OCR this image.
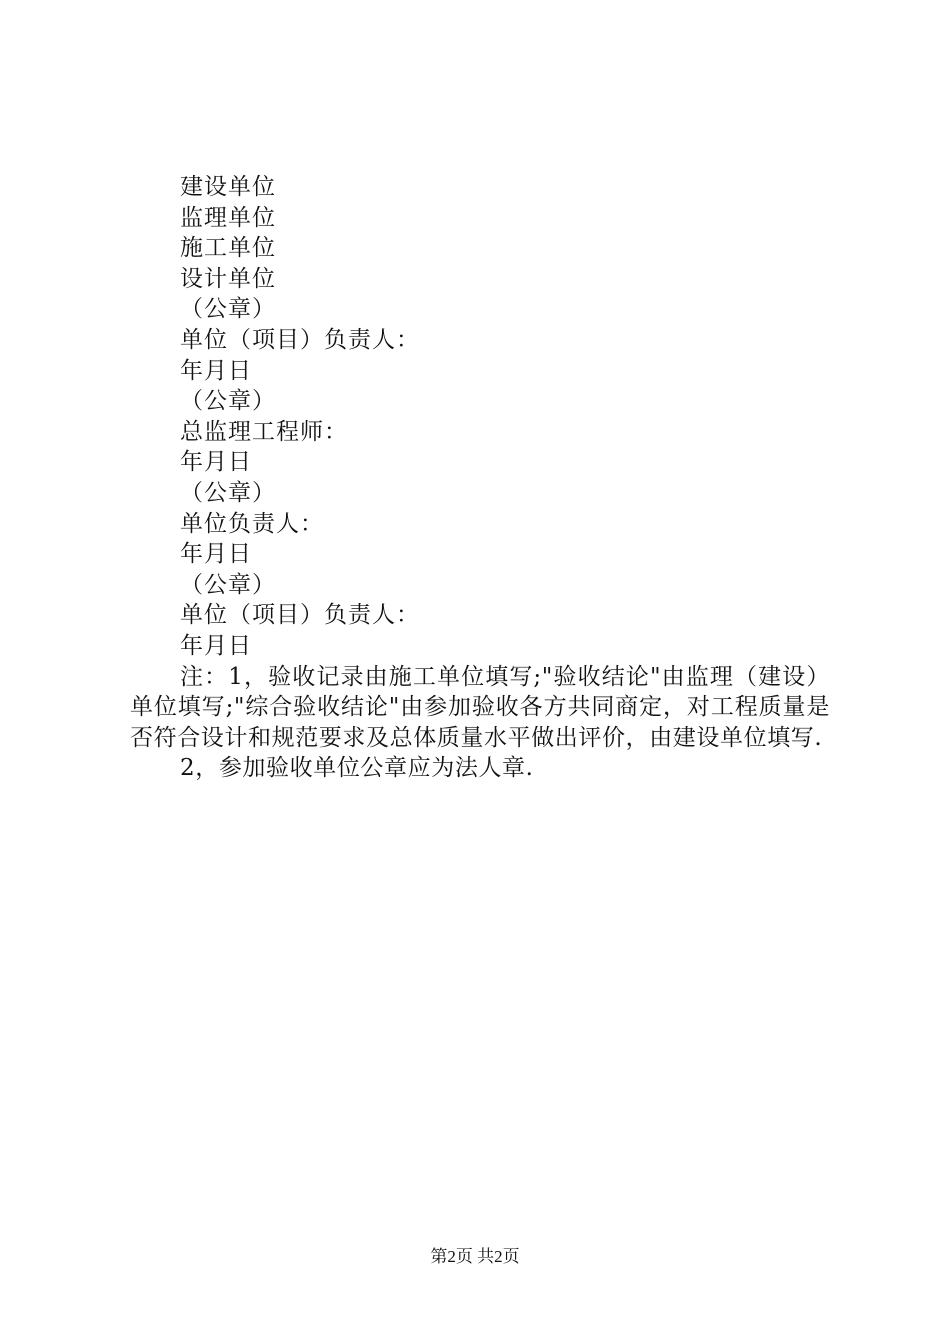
建设单位
监理单位
施工单位
设计单位
（公章）
单位（项目）负责人：
年月日
（公章）
总监理工程师：
年月日
（公章）
单位负责人：
年月日
（公章）
单位（项目）负责人：
年月日

注：1，验收记录由施工单位填写;"验收结论"由监理（建设）单位填写;"综合验收结论"由参加验收各方共同商定，对工程质量是否符合设计和规范要求及总体质量水平做出评价，由建设单位填写.

2，参加验收单位公章应为法人章.

第2页 共2页
